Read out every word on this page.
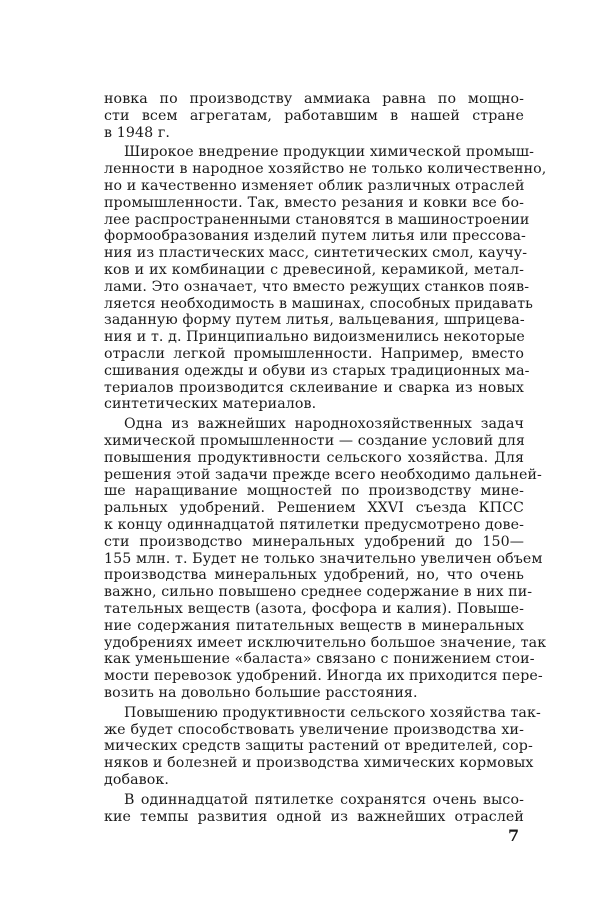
новка по производству аммиака равна по мощно-
сти всем агрегатам, работавшим в нашей стране
в 1948 г.
Широкое внедрение продукции химической промыш-
ленности в народное хозяйство не только количественно,
но и качественно изменяет облик различных отраслей
промышленности. Так, вместо резания и ковки все бо-
лее распространенными становятся в машиностроении
формообразования изделий путем литья или прессова-
ния из пластических масс, синтетических смол, каучу-
ков и их комбинации с древесиной, керамикой, метал-
лами. Это означает, что вместо режущих станков появ-
ляется необходимость в машинах, способных придавать
заданную форму путем литья, вальцевания, шприцева-
ния и т. д. Принципиально видоизменились некоторые
отрасли легкой промышленности. Например, вместо
сшивания одежды и обуви из старых традиционных ма-
териалов производится склеивание и сварка из новых
синтетических материалов.
Одна из важнейших народнохозяйственных задач
химической промышленности — создание условий для
повышения продуктивности сельского хозяйства. Для
решения этой задачи прежде всего необходимо дальней-
ше наращивание мощностей по производству мине-
ральных удобрений. Решением XXVI съезда КПСС
к концу одиннадцатой пятилетки предусмотрено дове-
сти производство минеральных удобрений до 150—
155 млн. т. Будет не только значительно увеличен объем
производства минеральных удобрений, но, что очень
важно, сильно повышено среднее содержание в них пи-
тательных веществ (азота, фосфора и калия). Повыше-
ние содержания питательных веществ в минеральных
удобрениях имеет исключительно большое значение, так
как уменьшение «баласта» связано с понижением стои-
мости перевозок удобрений. Иногда их приходится пере-
возить на довольно большие расстояния.
Повышению продуктивности сельского хозяйства так-
же будет способствовать увеличение производства хи-
мических средств защиты растений от вредителей, сор-
няков и болезней и производства химических кормовых
добавок.
В одиннадцатой пятилетке сохранятся очень высо-
кие темпы развития одной из важнейших отраслей
7
